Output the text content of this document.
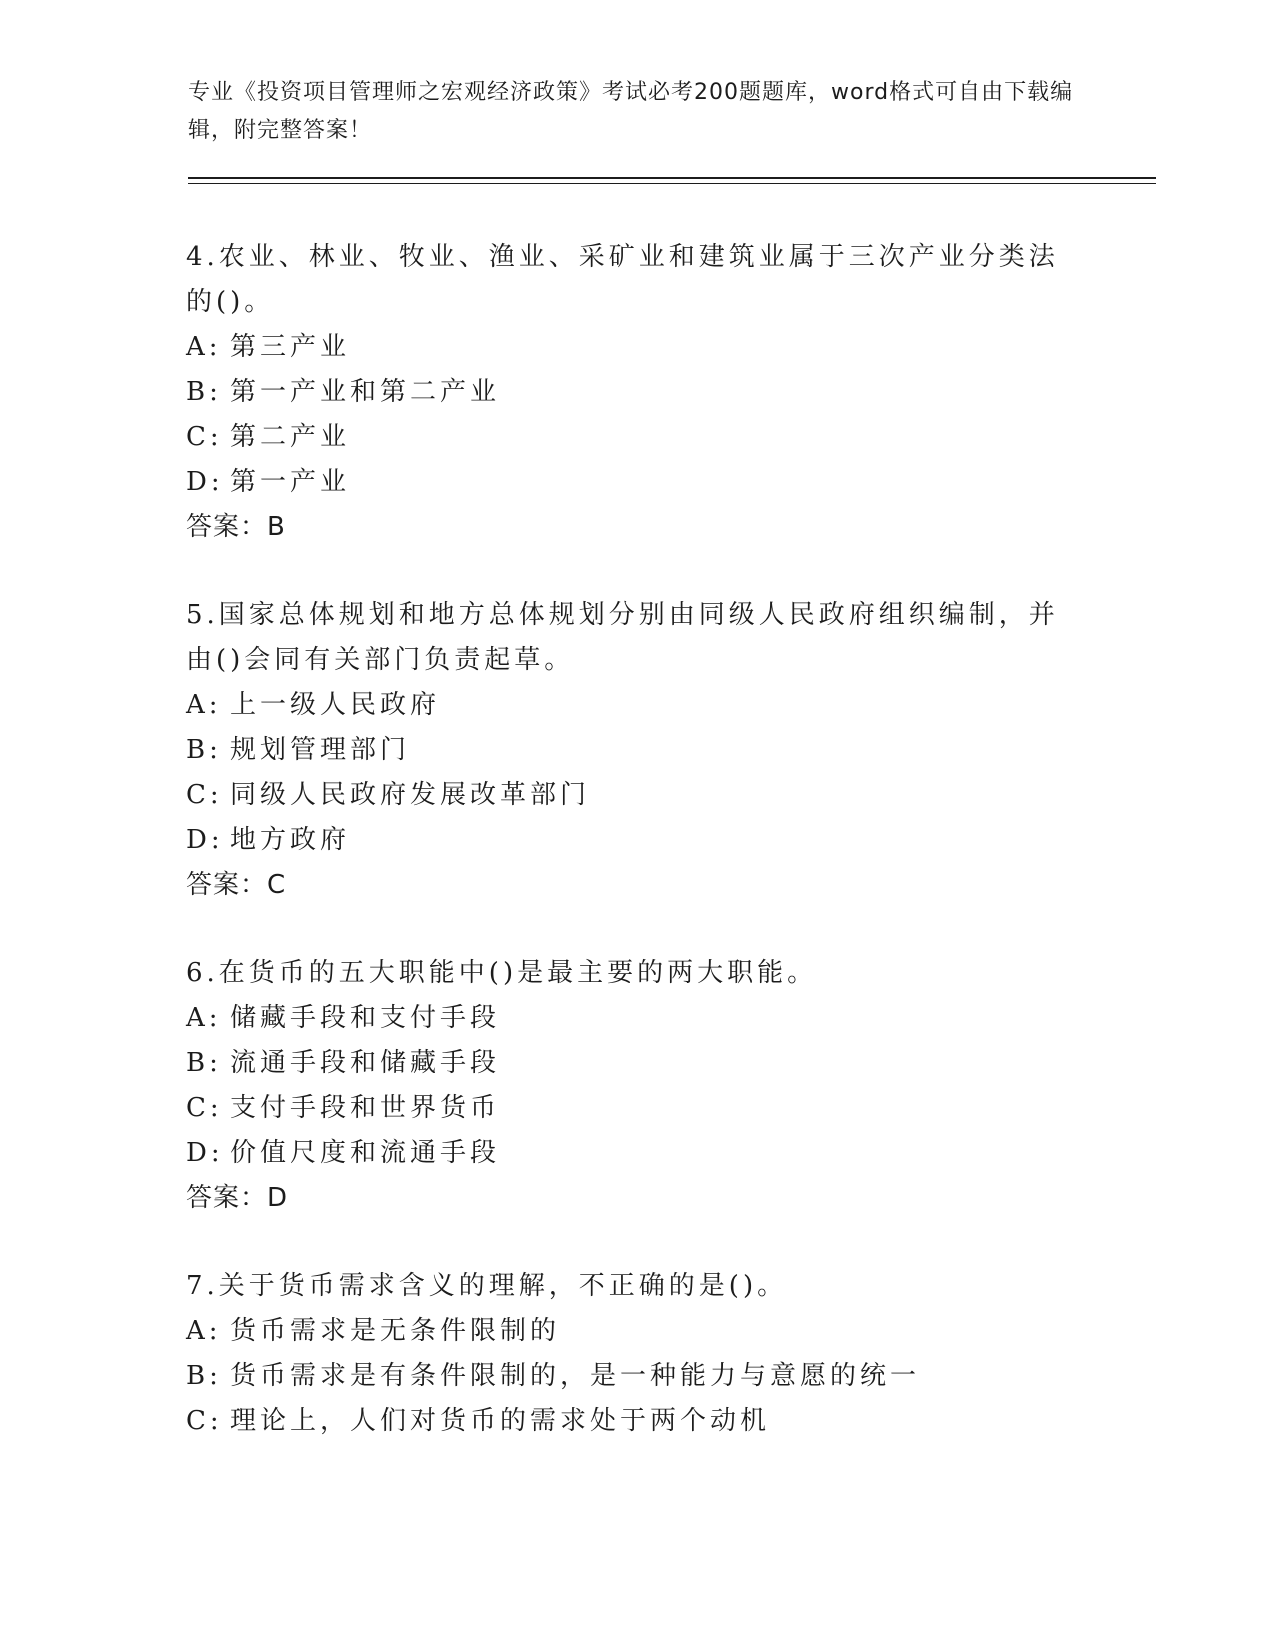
专业《投资项目管理师之宏观经济政策》考试必考200题题库，word格式可自由下载编辑，附完整答案！

4.农业、林业、牧业、渔业、采矿业和建筑业属于三次产业分类法的()。

A: 第三产业
B: 第一产业和第二产业
C: 第二产业
D: 第一产业
答案：B

5.国家总体规划和地方总体规划分别由同级人民政府组织编制，并由()会同有关部门负责起草。

A: 上一级人民政府
B: 规划管理部门
C: 同级人民政府发展改革部门
D: 地方政府
答案：C

6.在货币的五大职能中()是最主要的两大职能。

A: 储藏手段和支付手段
B: 流通手段和储藏手段
C: 支付手段和世界货币
D: 价值尺度和流通手段
答案：D

7.关于货币需求含义的理解，不正确的是()。

A: 货币需求是无条件限制的
B: 货币需求是有条件限制的，是一种能力与意愿的统一
C: 理论上，人们对货币的需求处于两个动机
